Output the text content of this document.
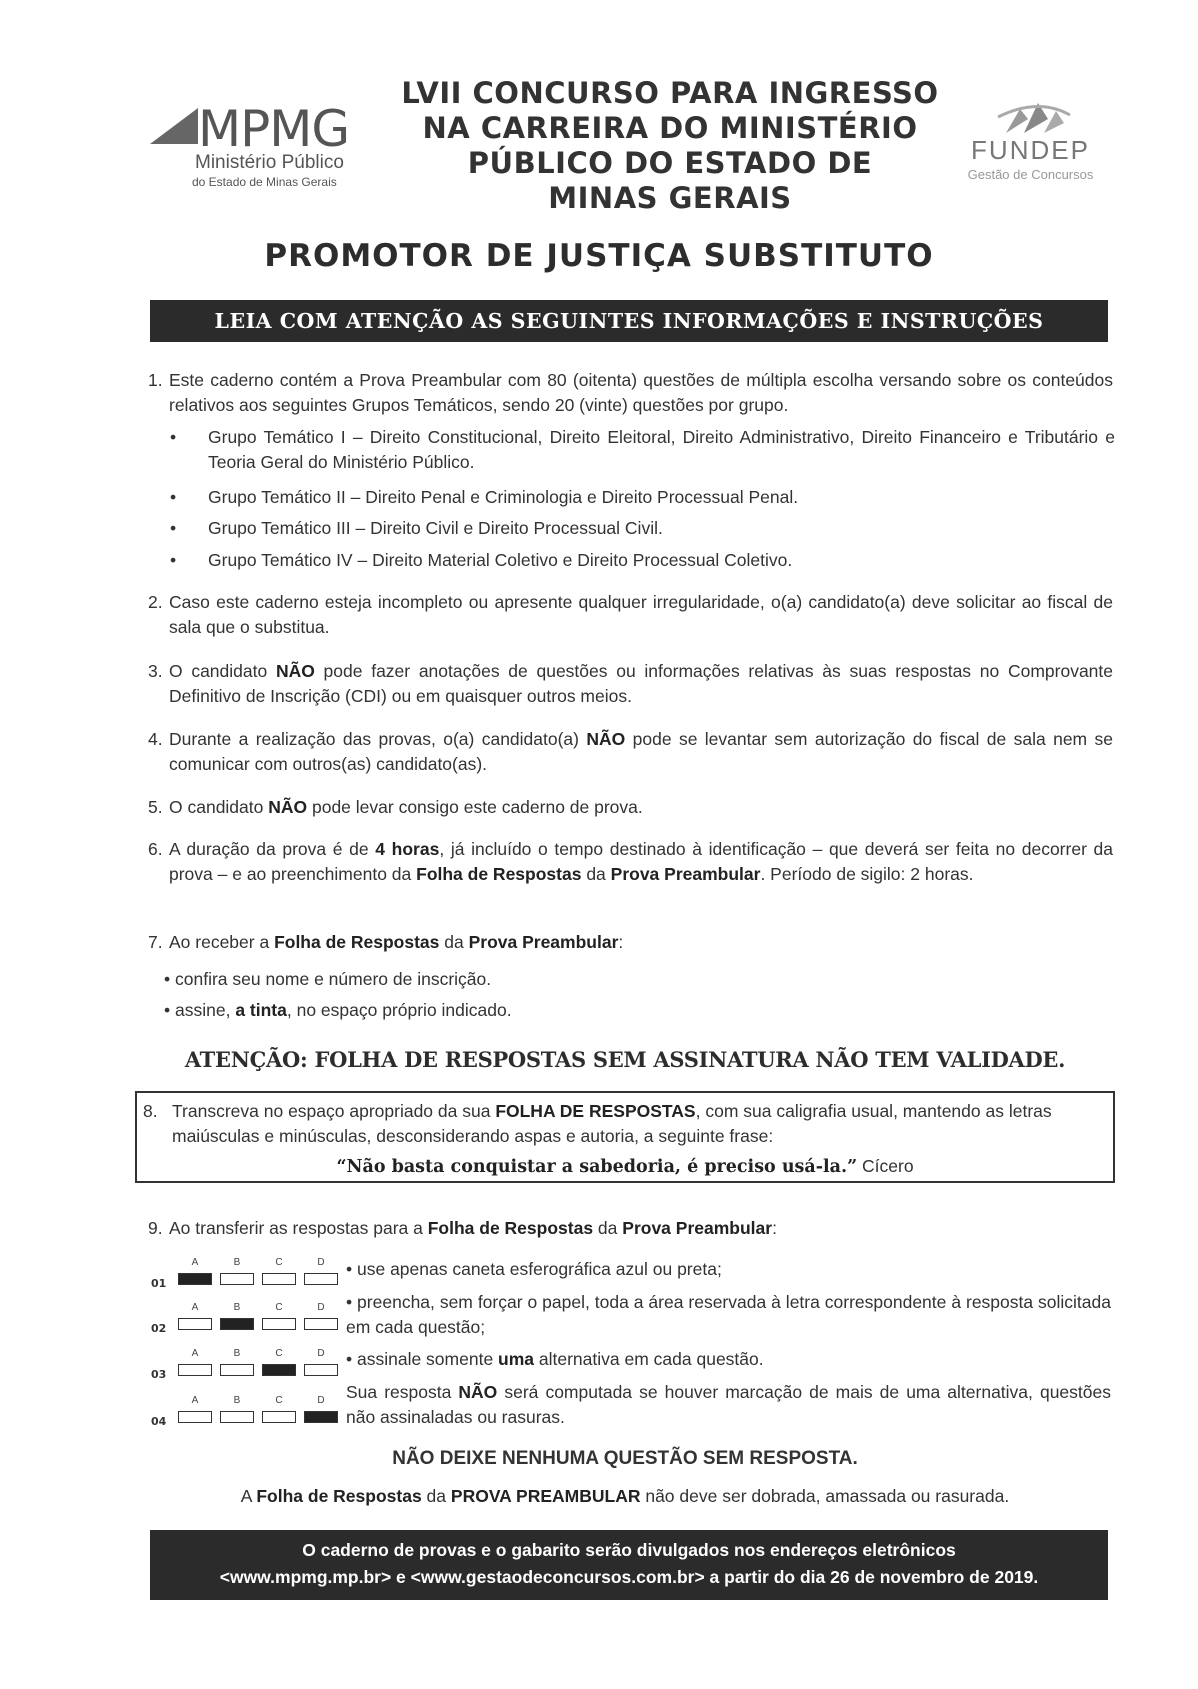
MPMG
Ministério Público
do Estado de Minas Gerais
LVII CONCURSO PARA INGRESSO
NA CARREIRA DO MINISTÉRIO
PÚBLICO DO ESTADO DE
MINAS GERAIS
FUNDEP
Gestão de Concursos
PROMOTOR DE JUSTIÇA SUBSTITUTO
LEIA COM ATENÇÃO AS SEGUINTES INFORMAÇÕES E INSTRUÇÕES
1. Este caderno contém a Prova Preambular com 80 (oitenta) questões de múltipla escolha versando sobre os conteúdos relativos aos seguintes Grupos Temáticos, sendo 20 (vinte) questões por grupo.
• Grupo Temático I – Direito Constitucional, Direito Eleitoral, Direito Administrativo, Direito Financeiro e Tributário e Teoria Geral do Ministério Público.
• Grupo Temático II – Direito Penal e Criminologia e Direito Processual Penal.
• Grupo Temático III – Direito Civil e Direito Processual Civil.
• Grupo Temático IV – Direito Material Coletivo e Direito Processual Coletivo.
2. Caso este caderno esteja incompleto ou apresente qualquer irregularidade, o(a) candidato(a) deve solicitar ao fiscal de sala que o substitua.
3. O candidato NÃO pode fazer anotações de questões ou informações relativas às suas respostas no Comprovante Definitivo de Inscrição (CDI) ou em quaisquer outros meios.
4. Durante a realização das provas, o(a) candidato(a) NÃO pode se levantar sem autorização do fiscal de sala nem se comunicar com outros(as) candidato(as).
5. O candidato NÃO pode levar consigo este caderno de prova.
6. A duração da prova é de 4 horas, já incluído o tempo destinado à identificação – que deverá ser feita no decorrer da prova – e ao preenchimento da Folha de Respostas da Prova Preambular. Período de sigilo: 2 horas.
7. Ao receber a Folha de Respostas da Prova Preambular:
• confira seu nome e número de inscrição.
• assine, a tinta, no espaço próprio indicado.
ATENÇÃO: FOLHA DE RESPOSTAS SEM ASSINATURA NÃO TEM VALIDADE.
8. Transcreva no espaço apropriado da sua FOLHA DE RESPOSTAS, com sua caligrafia usual, mantendo as letras maiúsculas e minúsculas, desconsiderando aspas e autoria, a seguinte frase:
“Não basta conquistar a sabedoria, é preciso usá-la.” Cícero
9. Ao transferir as respostas para a Folha de Respostas da Prova Preambular:
01
A	B	C	D
02
A	B	C	D
03
A	B	C	D
04
A	B	C	D
• use apenas caneta esferográfica azul ou preta;
• preencha, sem forçar o papel, toda a área reservada à letra correspondente à resposta solicitada em cada questão;
• assinale somente uma alternativa em cada questão.
Sua resposta NÃO será computada se houver marcação de mais de uma alternativa, questões não assinaladas ou rasuras.
NÃO DEIXE NENHUMA QUESTÃO SEM RESPOSTA.
A Folha de Respostas da PROVA PREAMBULAR não deve ser dobrada, amassada ou rasurada.
O caderno de provas e o gabarito serão divulgados nos endereços eletrônicos
<www.mpmg.mp.br> e <www.gestaodeconcursos.com.br> a partir do dia 26 de novembro de 2019.
